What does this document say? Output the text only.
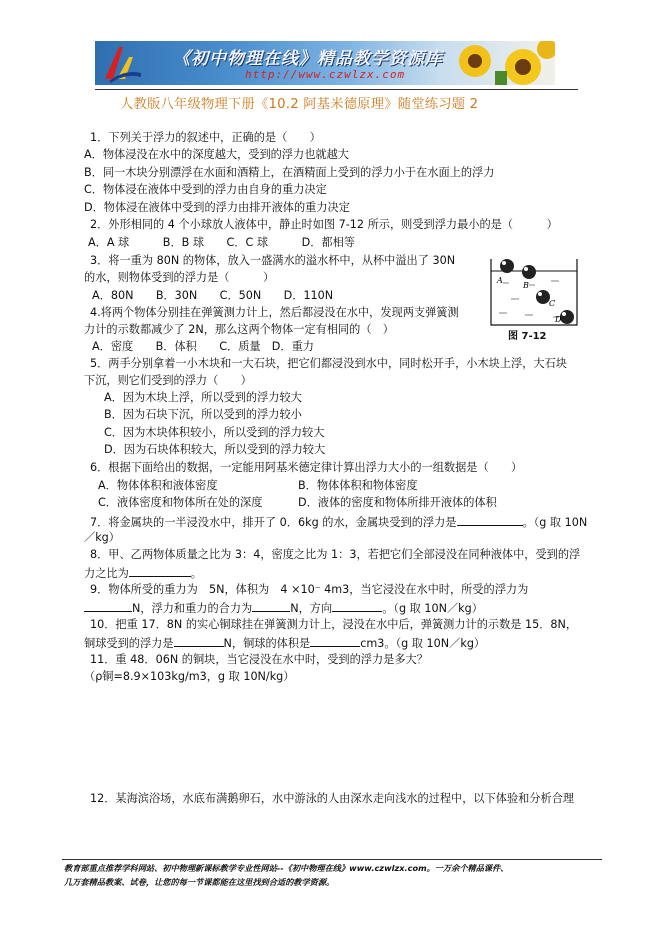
《初中物理在线》精品教学资源库
http://www.czwlzx.com
人教版八年级物理下册《10.2 阿基米德原理》随堂练习题 2
A
B
C
D
图 7-12
1．下列关于浮力的叙述中，正确的是（　　）
A．物体浸没在水中的深度越大，受到的浮力也就越大
B．同一木块分别漂浮在水面和酒精上，在酒精面上受到的浮力小于在水面上的浮力
C．物体浸在液体中受到的浮力由自身的重力决定
D．物体浸在液体中受到的浮力由排开液体的重力决定
2．外形相同的 4 个小球放人液体中，静止时如图 7-12 所示，则受到浮力最小的是（　　　）
A．A 球　　　B．B 球　　C．C 球　　　D．都相等
3．将一重为 80N 的物体，放入一盛满水的溢水杯中，从杯中溢出了 30N
的水，则物体受到的浮力是（　　　）
A．80N　　B．30N　　C．50N　　D．110N
4.将两个物体分别挂在弹簧测力计上，然后都浸没在水中，发现两支弹簧测
力计的示数都减少了 2N，那么这两个物体一定有相同的（　）
A．密度　　B．体积　　C．质量　D．重力
5．两手分别拿着一小木块和一大石块，把它们都浸没到水中，同时松开手，小木块上浮，大石块
下沉，则它们受到的浮力（　　）
A．因为木块上浮，所以受到的浮力较大
B．因为石块下沉，所以受到的浮力较小
C．因为木块体积较小，所以受到的浮力较大
D．因为石块体积较大，所以受到的浮力较大
6．根据下面给出的数据，一定能用阿基米德定律计算出浮力大小的一组数据是（　　）
A．物体体积和液体密度	B．物体体积和物体密度
C．液体密度和物体所在处的深度	D．液体的密度和物体所排开液体的体积
7．将金属块的一半浸没水中，排开了 0．6kg 的水，金属块受到的浮力是	。（g 取 10N
／kg）
8．甲、乙两物体质量之比为 3：4，密度之比为 1：3，若把它们全部浸没在同种液体中，受到的浮
力之比为	。
9．物体所受的重力为　5N，体积为　4 ×10⁻ 4m3，当它浸没在水中时，所受的浮力为
N，浮力和重力的合力为	N，方向	。（g 取 10N／kg）
10．把重 17．8N 的实心铜球挂在弹簧测力计上，浸没在水中后，弹簧测力计的示数是 15．8N，
铜球受到的浮力是	N，铜球的体积是	cm3。（g 取 10N／kg）
11．重 48．06N 的铜块，当它浸没在水中时，受到的浮力是多大？
（ρ铜=8.9×103kg/m3，g 取 10N/kg）
12．某海滨浴场，水底布满鹅卵石，水中游泳的人由深水走向浅水的过程中，以下体验和分析合理
教育部重点推荐学科网站、初中物理新课标教学专业性网站--《初中物理在线》www.czwlzx.com。一万余个精品课件、
几万套精品教案、试卷，让您的每一节课都能在这里找到合适的教学资源。
